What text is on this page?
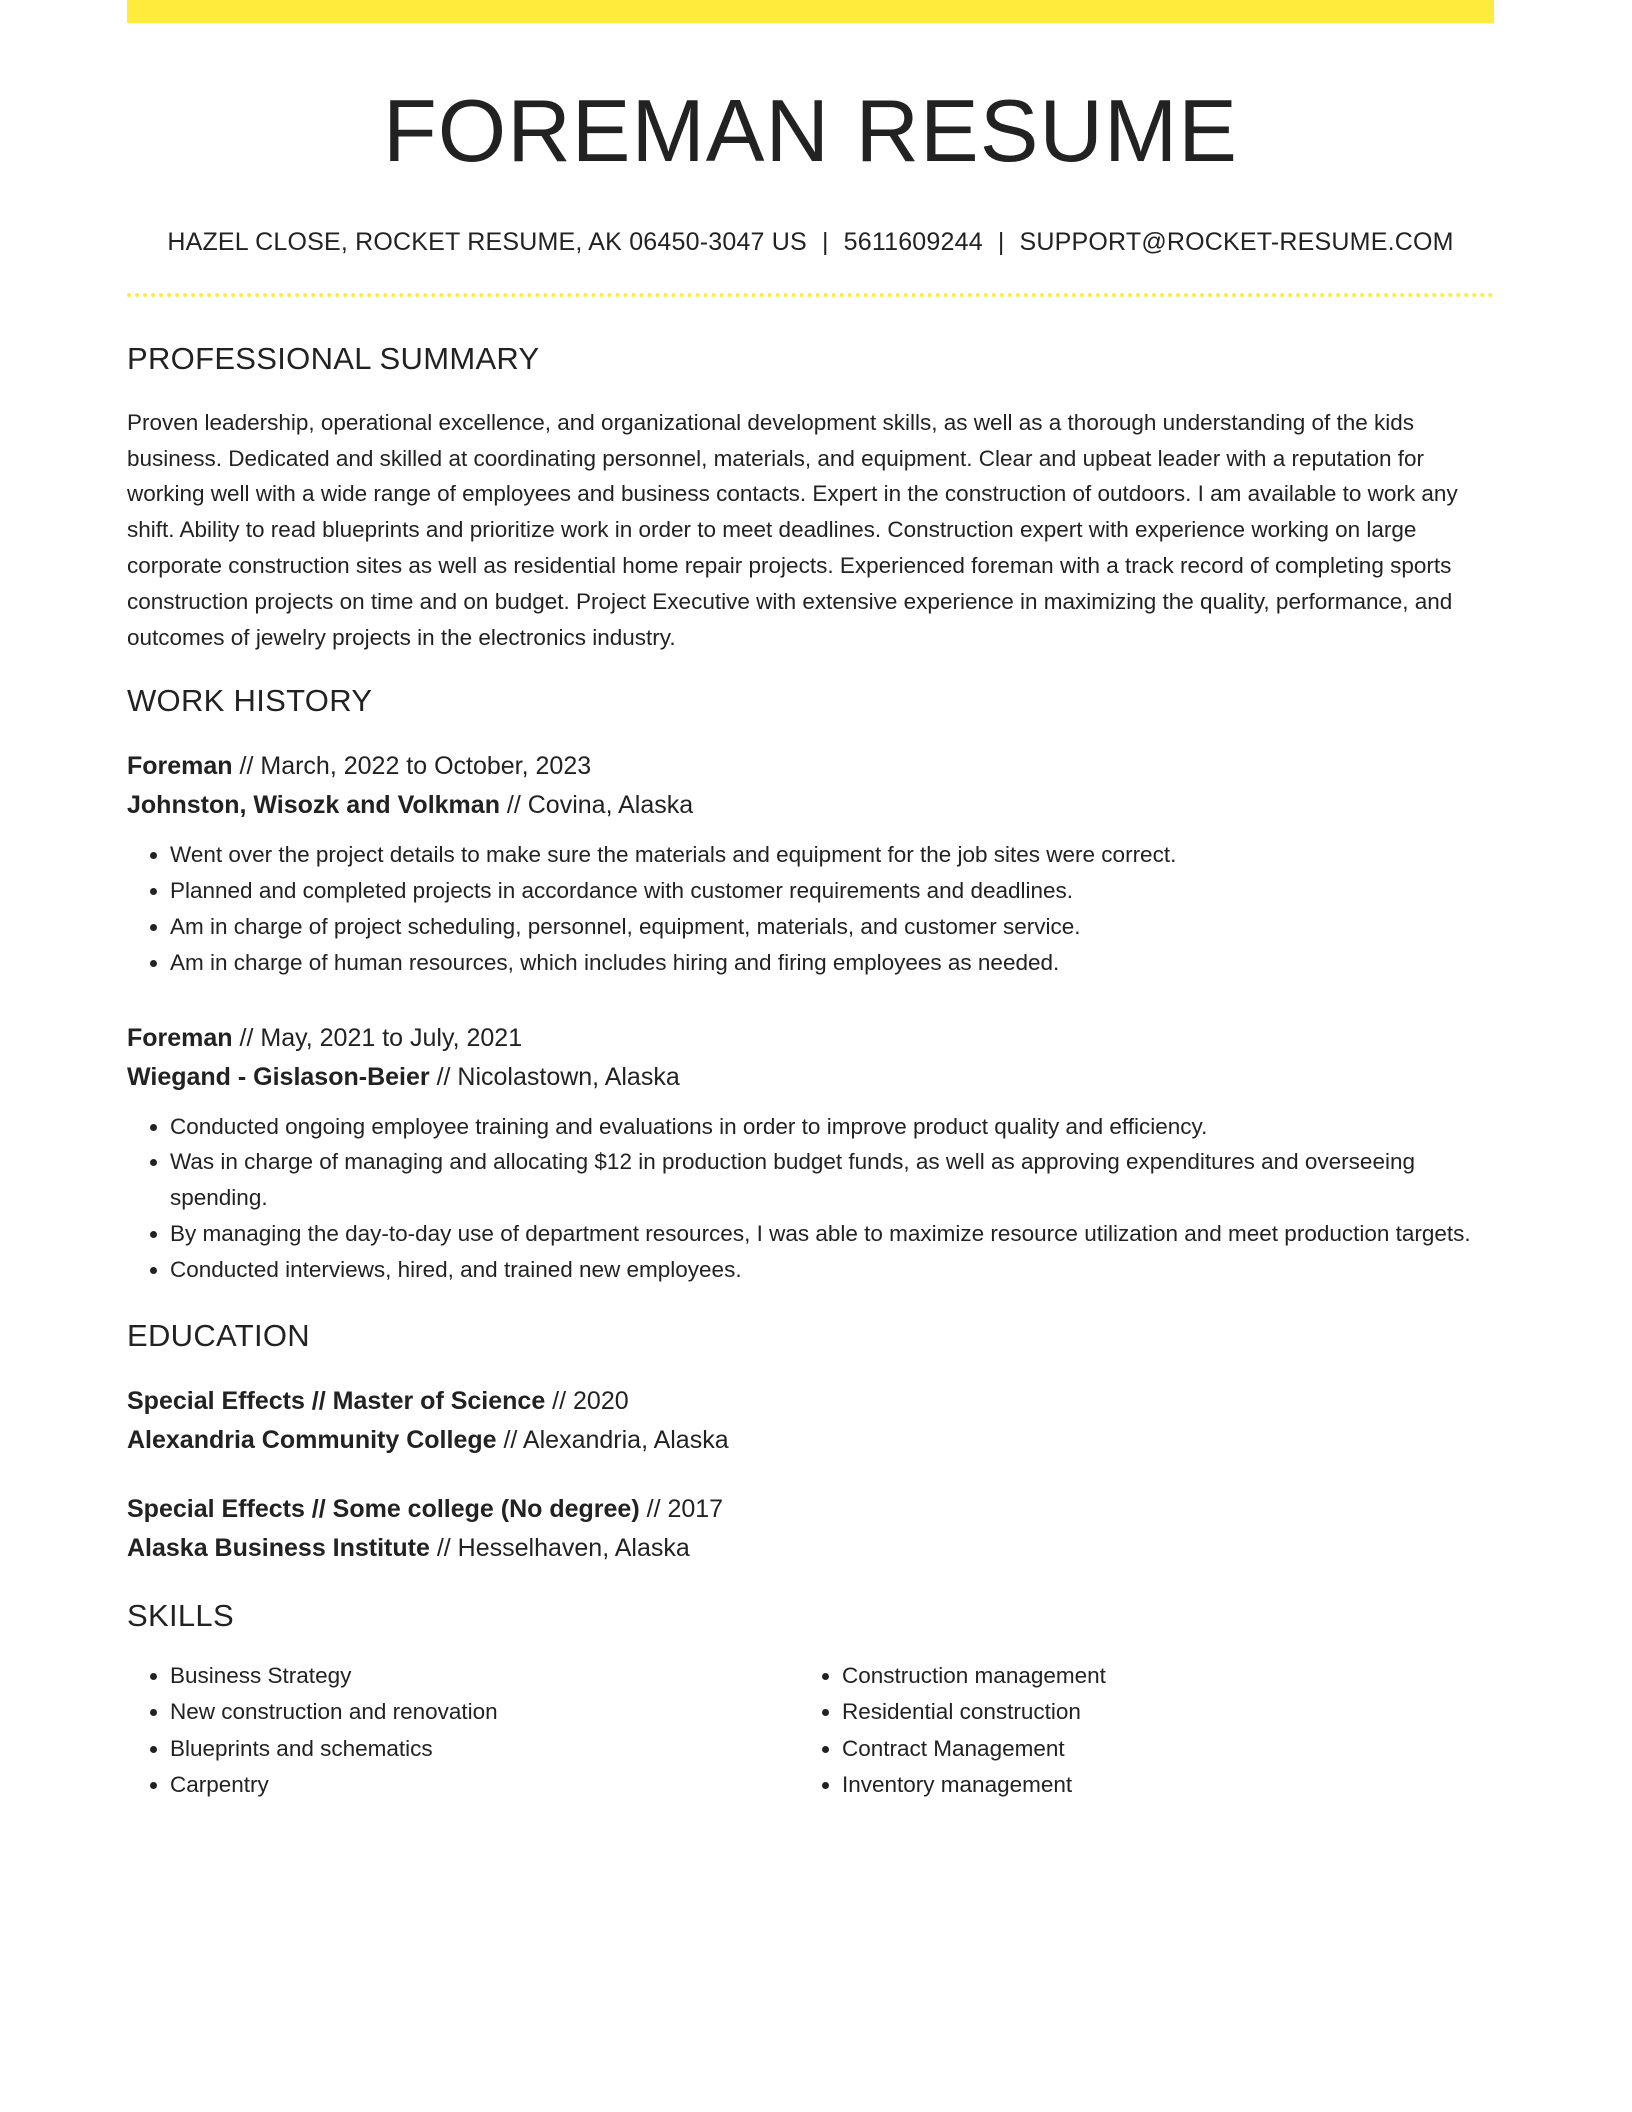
FOREMAN RESUME
HAZEL CLOSE, ROCKET RESUME, AK 06450-3047 US | 5611609244 | SUPPORT@ROCKET-RESUME.COM
PROFESSIONAL SUMMARY
Proven leadership, operational excellence, and organizational development skills, as well as a thorough understanding of the kids business. Dedicated and skilled at coordinating personnel, materials, and equipment. Clear and upbeat leader with a reputation for working well with a wide range of employees and business contacts. Expert in the construction of outdoors. I am available to work any shift. Ability to read blueprints and prioritize work in order to meet deadlines. Construction expert with experience working on large corporate construction sites as well as residential home repair projects. Experienced foreman with a track record of completing sports construction projects on time and on budget. Project Executive with extensive experience in maximizing the quality, performance, and outcomes of jewelry projects in the electronics industry.
WORK HISTORY
Foreman // March, 2022 to October, 2023
Johnston, Wisozk and Volkman // Covina, Alaska
• Went over the project details to make sure the materials and equipment for the job sites were correct.
• Planned and completed projects in accordance with customer requirements and deadlines.
• Am in charge of project scheduling, personnel, equipment, materials, and customer service.
• Am in charge of human resources, which includes hiring and firing employees as needed.
Foreman // May, 2021 to July, 2021
Wiegand - Gislason-Beier // Nicolastown, Alaska
• Conducted ongoing employee training and evaluations in order to improve product quality and efficiency.
• Was in charge of managing and allocating $12 in production budget funds, as well as approving expenditures and overseeing spending.
• By managing the day-to-day use of department resources, I was able to maximize resource utilization and meet production targets.
• Conducted interviews, hired, and trained new employees.
EDUCATION
Special Effects // Master of Science // 2020
Alexandria Community College // Alexandria, Alaska
Special Effects // Some college (No degree) // 2017
Alaska Business Institute // Hesselhaven, Alaska
SKILLS
• Business Strategy
• New construction and renovation
• Blueprints and schematics
• Carpentry
• Construction management
• Residential construction
• Contract Management
• Inventory management
